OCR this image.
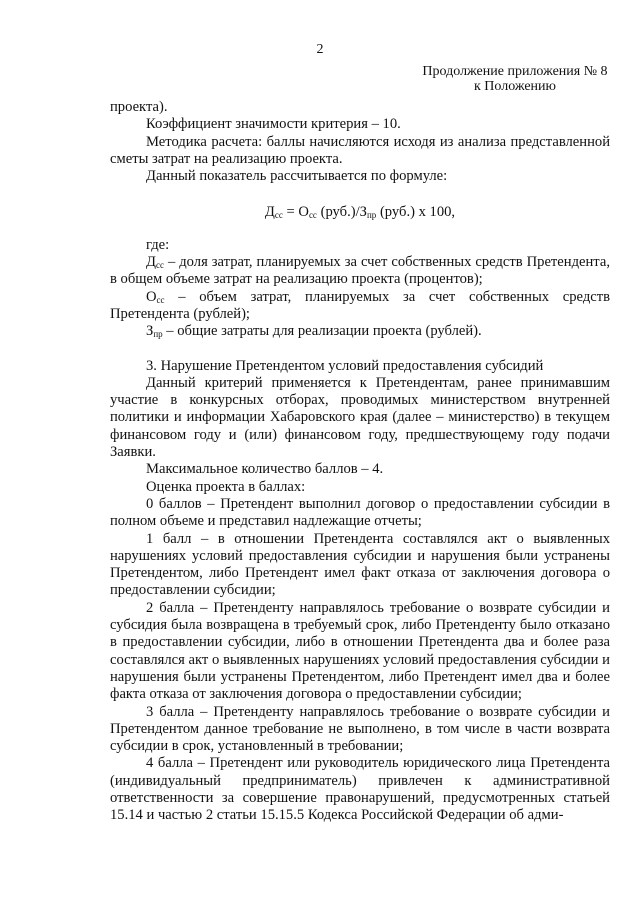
2
Продолжение приложения № 8
к Положению

проекта).

Коэффициент значимости критерия – 10.

Методика расчета: баллы начисляются исходя из анализа представленной сметы затрат на реализацию проекта.

Данный показатель рассчитывается по формуле:

$Д_{сс} = О_{сс}$ $(руб.)/З_{пр}$ (руб.) х 100,

где:

$Д_{сс}$ – доля затрат, планируемых за счет собственных средств Претендента, в общем объеме затрат на реализацию проекта (процентов);

$О_{сс}$ – объем затрат, планируемых за счет собственных средств Претендента (рублей);

$З_{пр}$ – общие затраты для реализации проекта (рублей).

3. Нарушение Претендентом условий предоставления субсидий

Данный критерий применяется к Претендентам, ранее принимавшим участие в конкурсных отборах, проводимых министерством внутренней политики и информации Хабаровского края (далее – министерство) в текущем финансовом году и (или) финансовом году, предшествующему году подачи Заявки.

Максимальное количество баллов – 4.

Оценка проекта в баллах:

0 баллов – Претендент выполнил договор о предоставлении субсидии в полном объеме и представил надлежащие отчеты;

1 балл – в отношении Претендента составлялся акт о выявленных нарушениях условий предоставления субсидии и нарушения были устранены Претендентом, либо Претендент имел факт отказа от заключения договора о предоставлении субсидии;

2 балла – Претенденту направлялось требование о возврате субсидии и субсидия была возвращена в требуемый срок, либо Претенденту было отказано в предоставлении субсидии, либо в отношении Претендента два и более раза составлялся акт о выявленных нарушениях условий предоставления субсидии и нарушения были устранены Претендентом, либо Претендент имел два и более факта отказа от заключения договора о предоставлении субсидии;

3 балла – Претенденту направлялось требование о возврате субсидии и Претендентом данное требование не выполнено, в том числе в части возврата субсидии в срок, установленный в требовании;

4 балла – Претендент или руководитель юридического лица Претендента (индивидуальный предприниматель) привлечен к административной ответственности за совершение правонарушений, предусмотренных статьей 15.14 и частью 2 статьи 15.15.5 Кодекса Российской Федерации об адми-
